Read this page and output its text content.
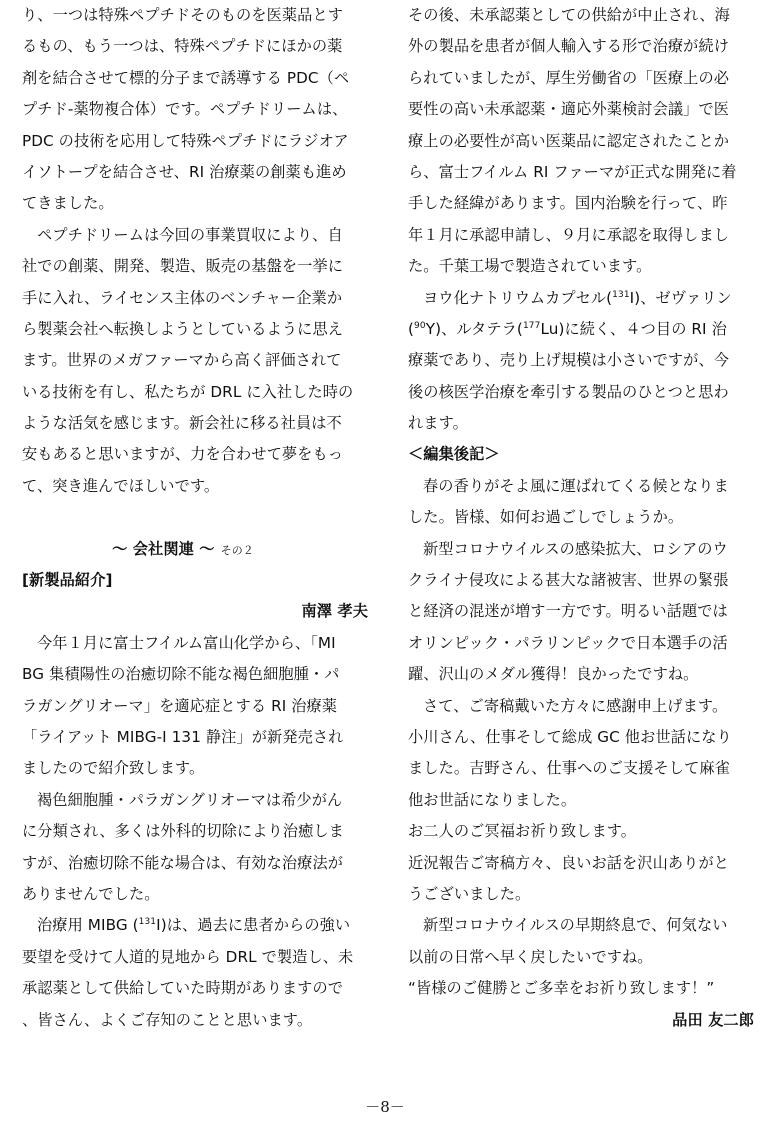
り、一つは特殊ペプチドそのものを医薬品とす
るもの、もう一つは、特殊ペプチドにほかの薬
剤を結合させて標的分子まで誘導する PDC（ペ
プチド-薬物複合体）です。ペプチドリームは、
PDC の技術を応用して特殊ペプチドにラジオア
イソトープを結合させ、RI 治療薬の創薬も進め
てきました。
ペプチドリームは今回の事業買収により、自
社での創薬、開発、製造、販売の基盤を一挙に
手に入れ、ライセンス主体のベンチャー企業か
ら製薬会社へ転換しようとしているように思え
ます。世界のメガファーマから高く評価されて
いる技術を有し、私たちが DRL に入社した時の
ような活気を感じます。新会社に移る社員は不
安もあると思いますが、力を合わせて夢をもっ
て、突き進んでほしいです。
～ 会社関連 ～ その２
[新製品紹介]
南澤 孝夫
今年１月に富士フイルム富山化学から、「MI
BG 集積陽性の治癒切除不能な褐色細胞腫・パ
ラガングリオーマ」を適応症とする RI 治療薬
「ライアット MIBG-I 131 静注」が新発売され
ましたので紹介致します。
褐色細胞腫・パラガングリオーマは希少がん
に分類され、多くは外科的切除により治癒しま
すが、治癒切除不能な場合は、有効な治療法が
ありませんでした。
治療用 MIBG ($^{131}$I)は、過去に患者からの強い
要望を受けて人道的見地から DRL で製造し、未
承認薬として供給していた時期がありますので
、皆さん、よくご存知のことと思います。
その後、未承認薬としての供給が中止され、海
外の製品を患者が個人輸入する形で治療が続け
られていましたが、厚生労働省の「医療上の必
要性の高い未承認薬・適応外薬検討会議」で医
療上の必要性が高い医薬品に認定されたことか
ら、富士フイルム RI ファーマが正式な開発に着
手した経緯があります。国内治験を行って、昨
年１月に承認申請し、９月に承認を取得しまし
た。千葉工場で製造されています。
ヨウ化ナトリウムカプセル($^{131}$I)、ゼヴァリン
($^{90}$Y)、ルタテラ($^{177}$Lu)に続く、４つ目の RI 治
療薬であり、売り上げ規模は小さいですが、今
後の核医学治療を牽引する製品のひとつと思わ
れます。
＜編集後記＞
春の香りがそよ風に運ばれてくる候となりま
した。皆様、如何お過ごしでしょうか。
新型コロナウイルスの感染拡大、ロシアのウ
クライナ侵攻による甚大な諸被害、世界の緊張
と経済の混迷が増す一方です。明るい話題では
オリンピック・パラリンピックで日本選手の活
躍、沢山のメダル獲得！良かったですね。
さて、ご寄稿戴いた方々に感謝申上げます。
小川さん、仕事そして総成 GC 他お世話になり
ました。吉野さん、仕事へのご支援そして麻雀
他お世話になりました。
お二人のご冥福お祈り致します。
近況報告ご寄稿方々、良いお話を沢山ありがと
うございました。
新型コロナウイルスの早期終息で、何気ない
以前の日常へ早く戻したいですね。
“皆様のご健勝とご多幸をお祈り致します！”
品田 友二郎
－8－
